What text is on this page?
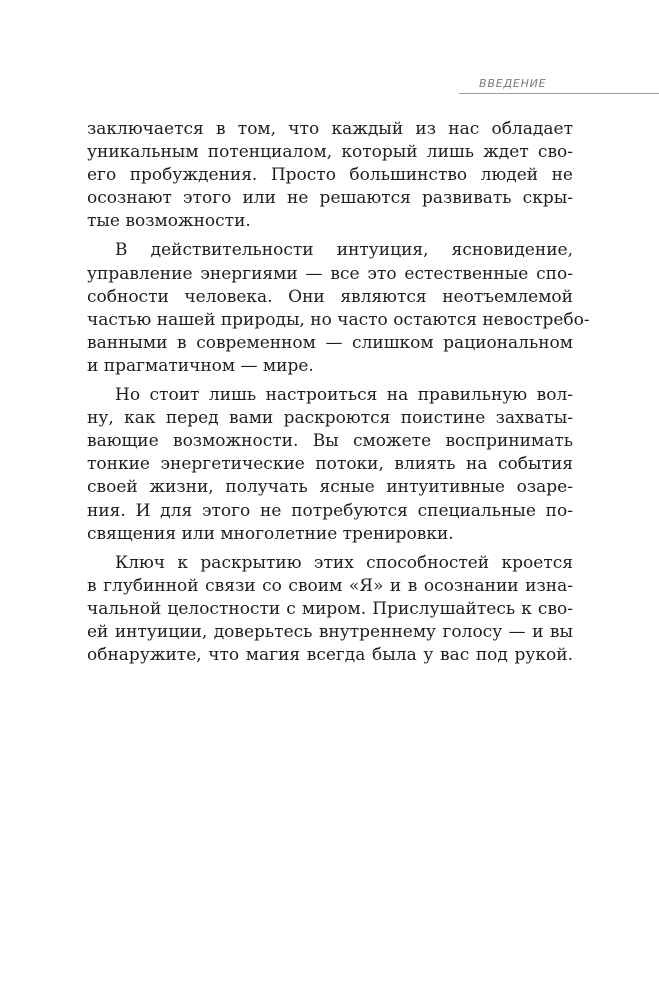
ВВЕДЕНИЕ

заключается в том, что каждый из нас обладает
уникальным потенциалом, который лишь ждет сво-
его пробуждения. Просто большинство людей не
осознают этого или не решаются развивать скры-
тые возможности.

В действительности интуиция, ясновидение,
управление энергиями — все это естественные спо-
собности человека. Они являются неотъемлемой
частью нашей природы, но часто остаются невостребо-
ванными в современном — слишком рациональном
и прагматичном — мире.

Но стоит лишь настроиться на правильную вол-
ну, как перед вами раскроются поистине захваты-
вающие возможности. Вы сможете воспринимать
тонкие энергетические потоки, влиять на события
своей жизни, получать ясные интуитивные озаре-
ния. И для этого не потребуются специальные по-
священия или многолетние тренировки.

Ключ к раскрытию этих способностей кроется
в глубинной связи со своим «Я» и в осознании изна-
чальной целостности с миром. Прислушайтесь к сво-
ей интуиции, доверьтесь внутреннему голосу — и вы
обнаружите, что магия всегда была у вас под рукой.
